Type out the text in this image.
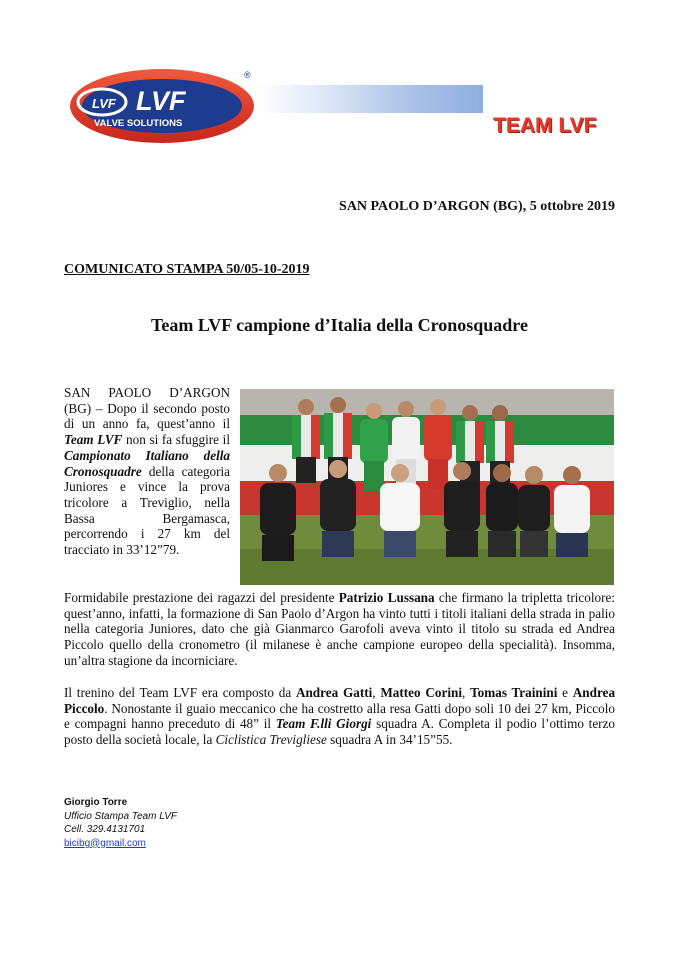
LVF LVF
VALVE SOLUTIONS
®
TEAM LVF
SAN PAOLO D’ARGON (BG), 5 ottobre 2019
COMUNICATO STAMPA 50/05-10-2019
Team LVF campione d’Italia della Cronosquadre
SAN PAOLO D’ARGON (BG) – Dopo il secondo posto di un anno fa, quest’anno il Team LVF non si fa sfuggire il Campionato Italiano della Cronosquadre della categoria Juniores e vince la prova tricolore a Treviglio, nella Bassa Bergamasca, percorrendo i 27 km del tracciato in 33’12”79.

Formidabile prestazione dei ragazzi del presidente Patrizio Lussana che firmano la tripletta tricolore: quest’anno, infatti, la formazione di San Paolo d’Argon ha vinto tutti i titoli italiani della strada in palio nella categoria Juniores, dato che già Gianmarco Garofoli aveva vinto il titolo su strada ed Andrea Piccolo quello della cronometro (il milanese è anche campione europeo della specialità). Insomma, un’altra stagione da incorniciare.

Il trenino del Team LVF era composto da Andrea Gatti, Matteo Corini, Tomas Trainini e Andrea Piccolo. Nonostante il guaio meccanico che ha costretto alla resa Gatti dopo soli 10 dei 27 km, Piccolo e compagni hanno preceduto di 48” il Team F.lli Giorgi squadra A. Completa il podio l’ottimo terzo posto della società locale, la Ciclistica Trevigliese squadra A in 34’15”55.

Giorgio Torre
Ufficio Stampa Team LVF
Cell. 329.4131701
bicibg@gmail.com
